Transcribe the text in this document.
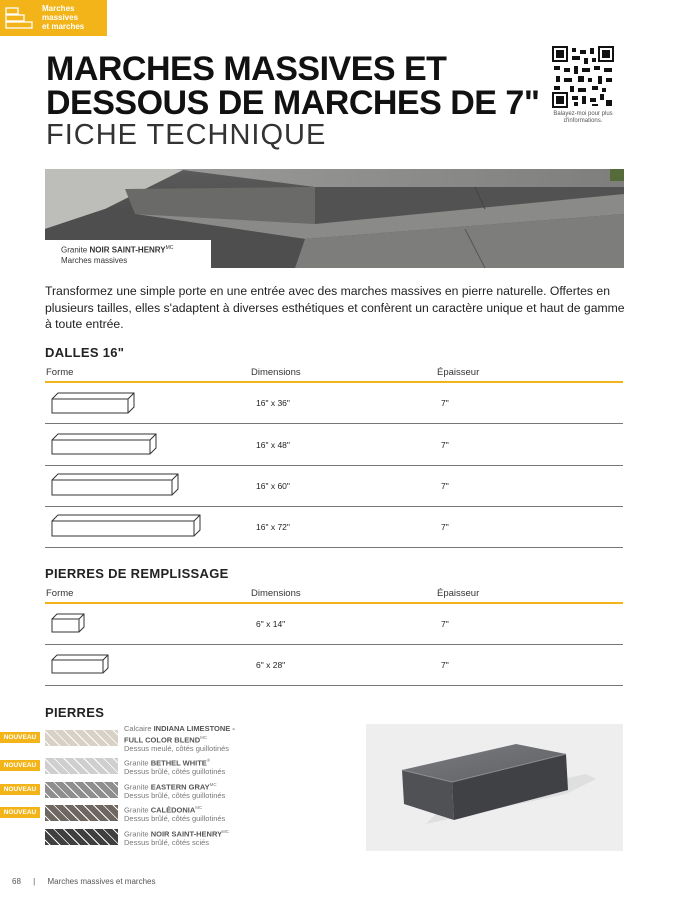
Marches
massives
et marches
MARCHES MASSIVES ET DESSOUS DE MARCHES DE 7"
FICHE TECHNIQUE
Balayez-moi pour plus d'informations.
Granite NOIR SAINT-$HENRY^{MC}$
Marches massives

Transformez une simple porte en une entrée avec des marches massives en pierre naturelle. Offertes en plusieurs tailles, elles s'adaptent à diverses esthétiques et confèrent un caractère unique et haut de gamme à toute entrée.

DALLES 16"
Forme	Dimensions	Épaisseur
16" x 36"	7"
16" x 48"	7"
16" x 60"	7"
16" x 72"	7"
PIERRES DE REMPLISSAGE
Forme	Dimensions	Épaisseur
6" x 14"	7"
6" x 28"	7"
PIERRES
NOUVEAU
Calcaire INDIANA LIMESTONE -
FULL COLOR $BLEND^{MC}$
Dessus meulé, côtés guillotinés
NOUVEAU	Granite BETHEL WHITE®
Dessus brûlé, côtés guillotinés
NOUVEAU	Granite EASTERN $GRAY^{MC}$
Dessus brûlé, côtés guillotinés
NOUVEAU	Granite $CALÉDONIA^{MC}$
Dessus brûlé, côtés guillotinés
Granite NOIR SAINT-$HENRY^{MC}$
Dessus brûlé, côtés sciés
68 | Marches massives et marches
